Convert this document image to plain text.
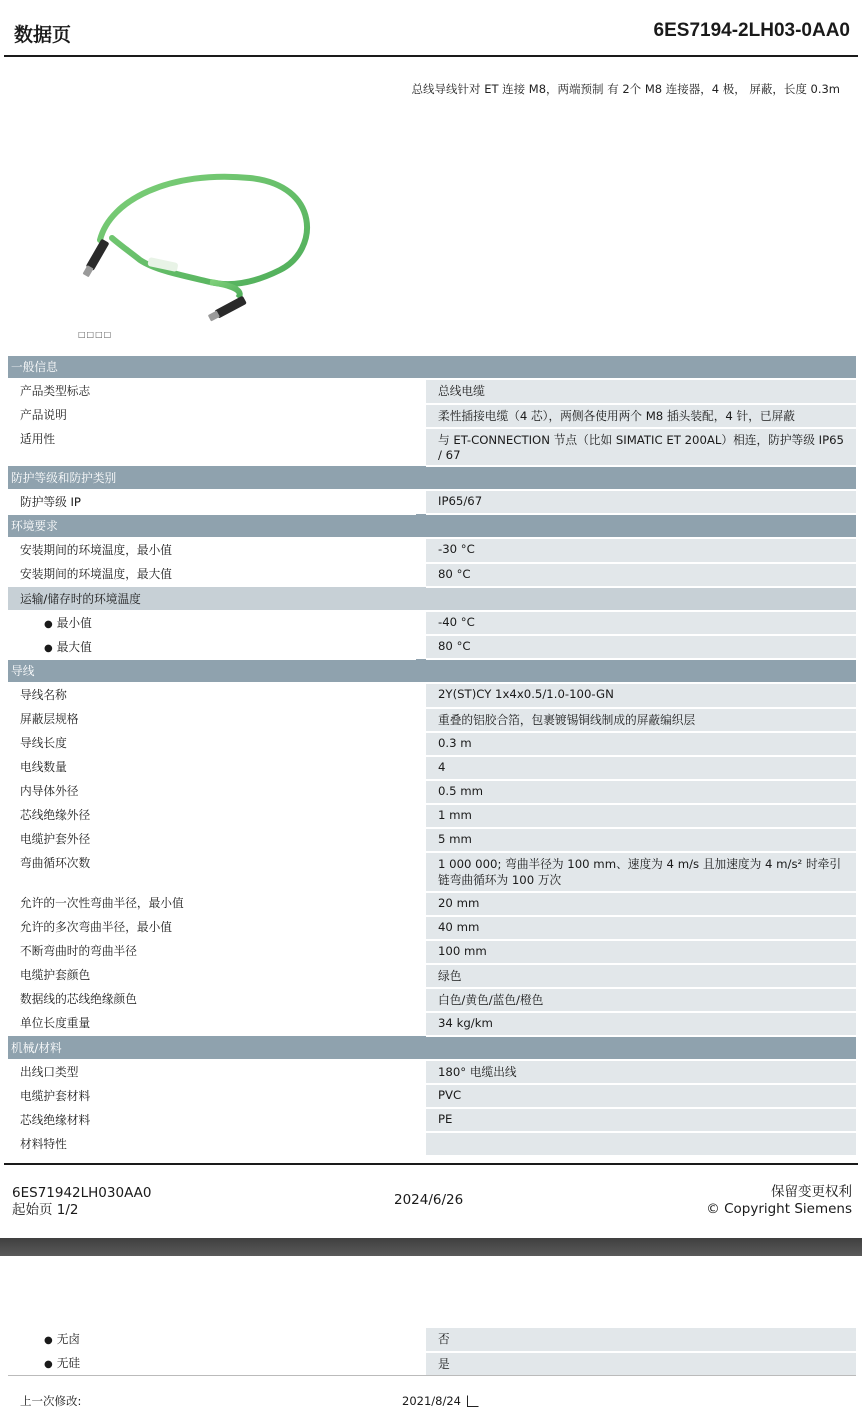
数据页	6ES7194-2LH03-0AA0
总线导线针对 ET 连接 M8，两端预制 有 2个 M8 连接器，4 极， 屏蔽，长度 0.3m
□□□□
一般信息		
产品类型标志		总线电缆
产品说明		柔性插接电缆（4 芯），两侧各使用两个 M8 插头装配，4 针，已屏蔽
适用性		与 ET-CONNECTION 节点（比如 SIMATIC ET 200AL）相连，防护等级 IP65 / 67
防护等级和防护类别		
防护等级 IP		IP65/67
环境要求		
安装期间的环境温度，最小值		-30 °C
安装期间的环境温度，最大值		80 °C
运输/储存时的环境温度		
● 最小值		-40 °C
● 最大值		80 °C
导线		
导线名称		2Y(ST)CY 1x4x0.5/1.0-100-GN
屏蔽层规格		重叠的铝胶合箔，包裹镀锡铜线制成的屏蔽编织层
导线长度		0.3 m
电线数量		4
内导体外径		0.5 mm
芯线绝缘外径		1 mm
电缆护套外径		5 mm
弯曲循环次数		1 000 000; 弯曲半径为 100 mm、速度为 4 m/s 且加速度为 4 m/s² 时牵引链弯曲循环为 100 万次
允许的一次性弯曲半径，最小值		20 mm
允许的多次弯曲半径，最小值		40 mm
不断弯曲时的弯曲半径		100 mm
电缆护套颜色		绿色
数据线的芯线绝缘颜色		白色/黄色/蓝色/橙色
单位长度重量		34 kg/km
机械/材料		
出线口类型		180° 电缆出线
电缆护套材料		PVC
芯线绝缘材料		PE
材料特性		
6ES71942LH030AA0
起始页 1/2
2024/6/26	保留变更权利
© Copyright Siemens
● 无卤		否
● 无硅		是
上一次修改:	2021/8/24
